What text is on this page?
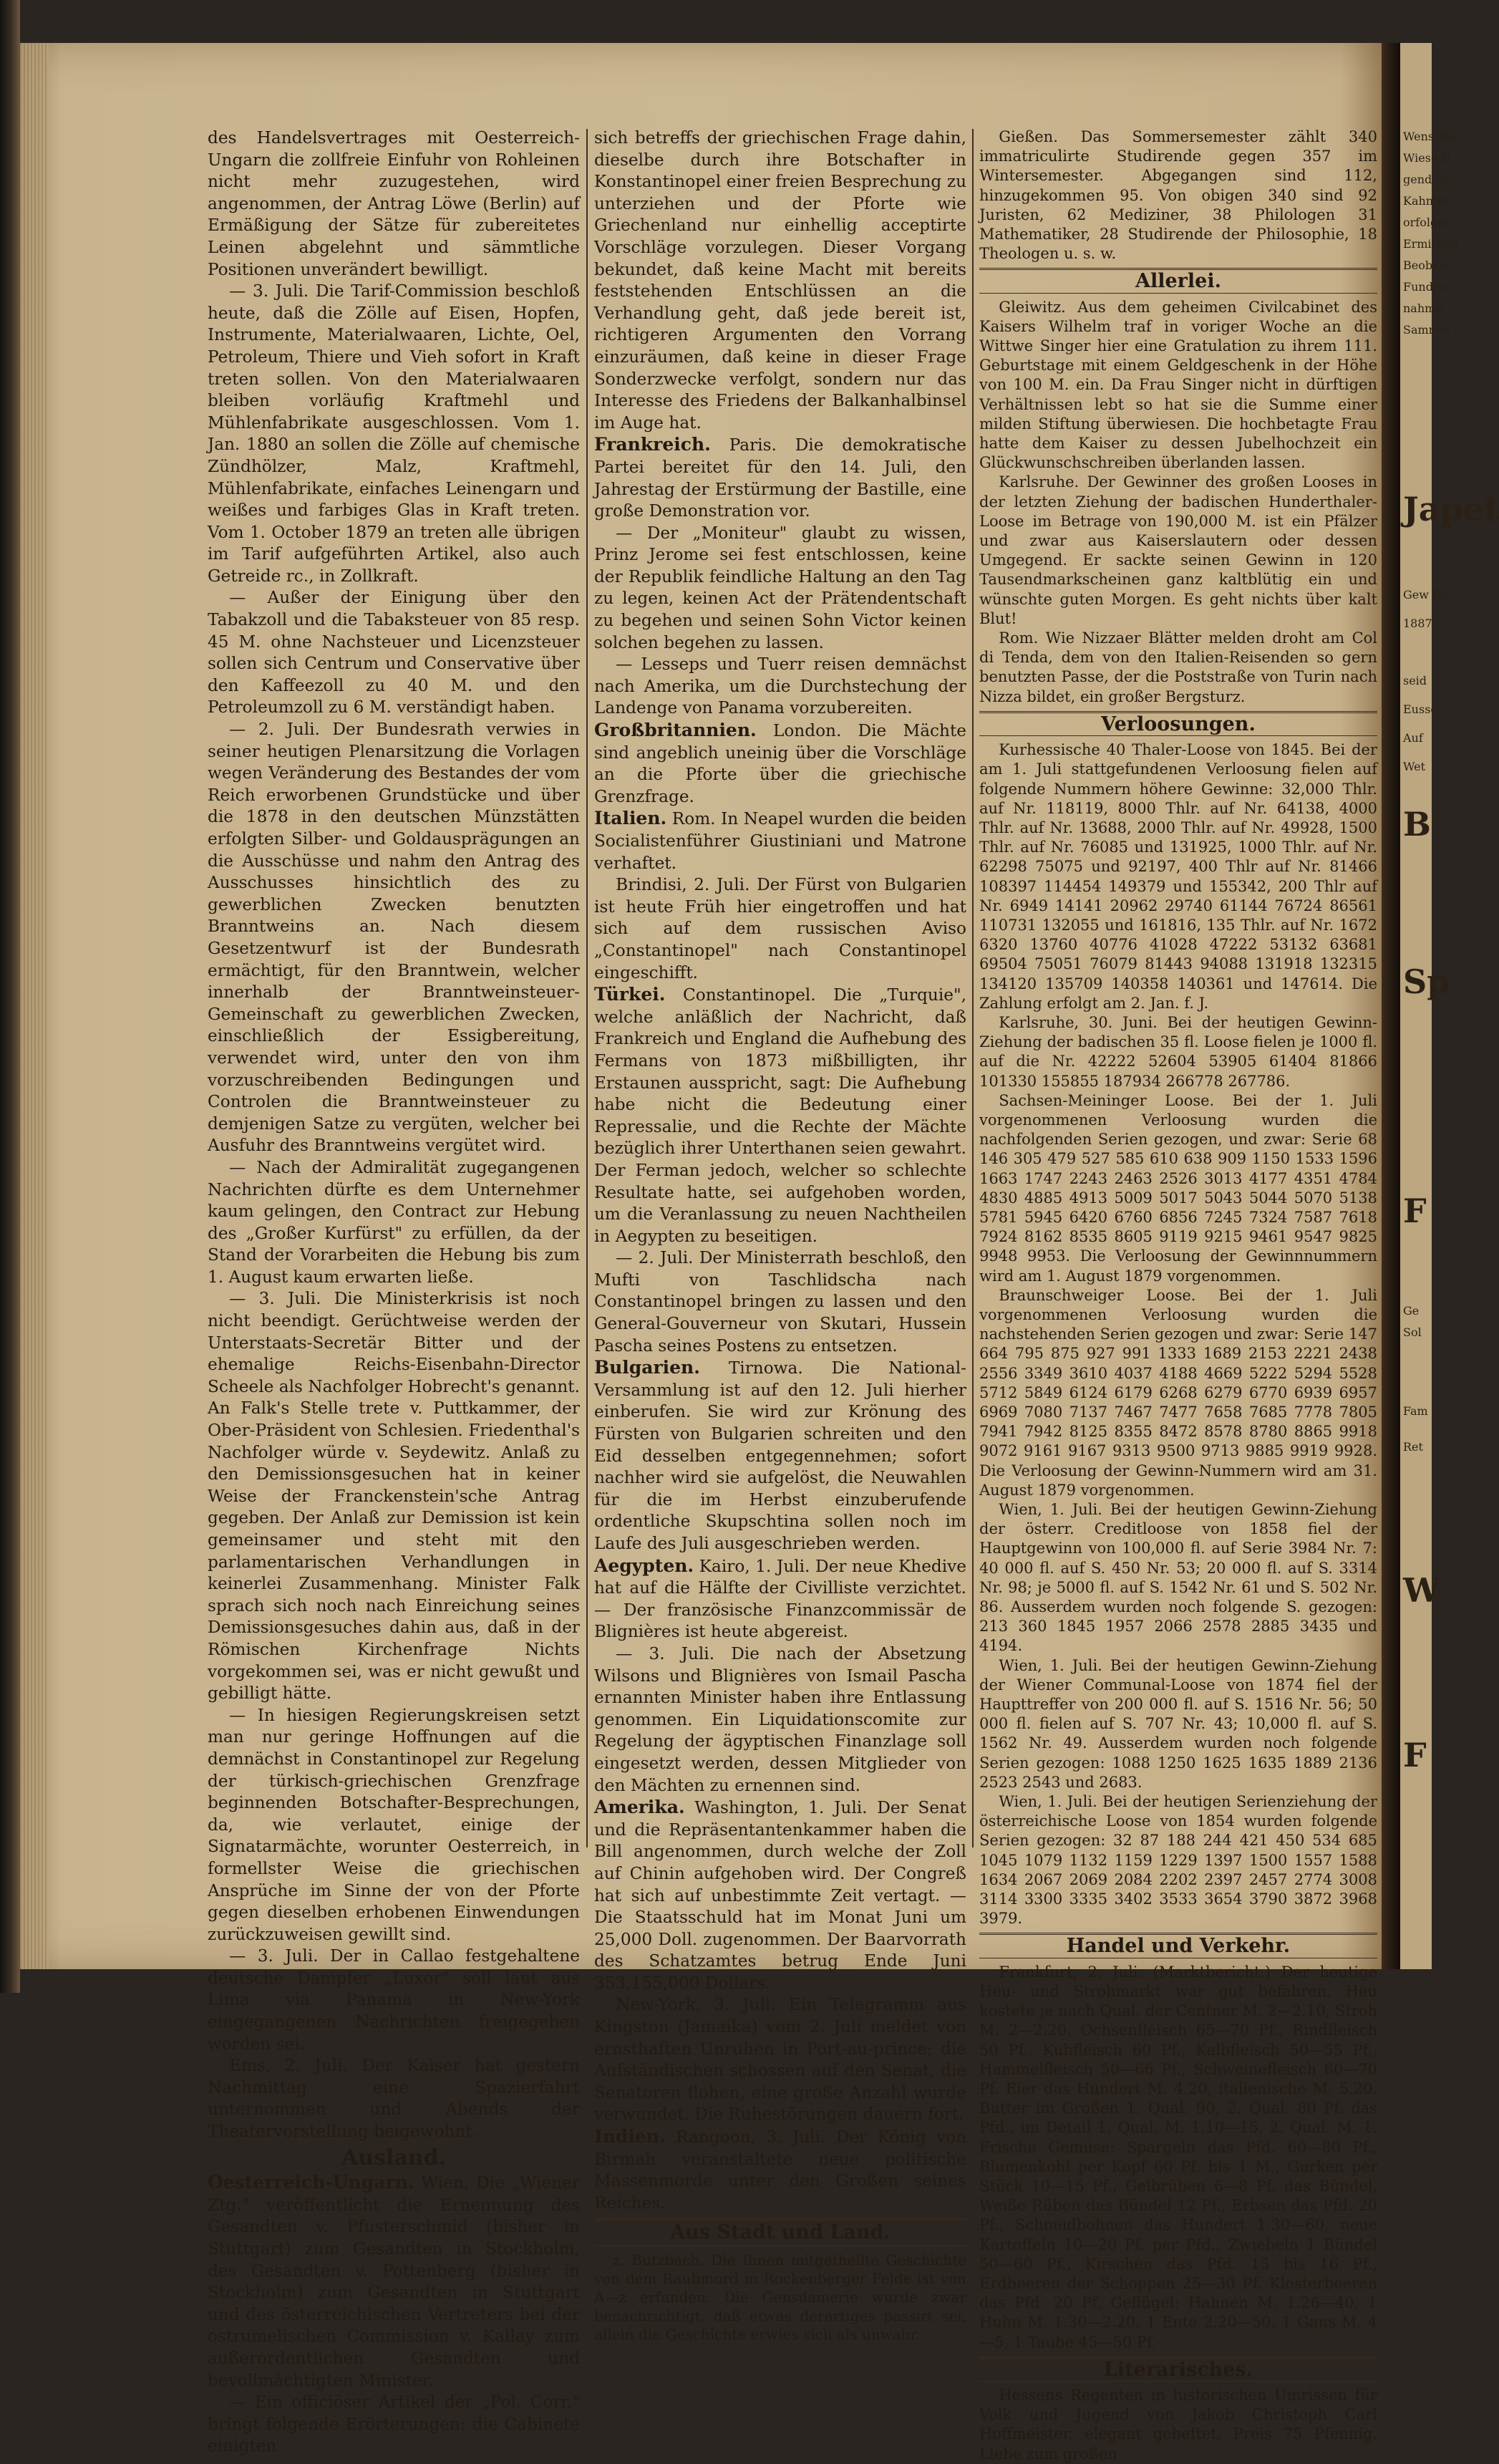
des Handelsvertrages mit Oesterreich-Ungarn die zollfreie Einfuhr von Rohleinen nicht mehr zuzugestehen, wird angenommen, der Antrag Löwe (Berlin) auf Ermäßigung der Sätze für zubereitetes Leinen abgelehnt und sämmtliche Positionen unverändert bewilligt.

— 3. Juli. Die Tarif-Commission beschloß heute, daß die Zölle auf Eisen, Hopfen, Instrumente, Materialwaaren, Lichte, Oel, Petroleum, Thiere und Vieh sofort in Kraft treten sollen. Von den Materialwaaren bleiben vorläufig Kraftmehl und Mühlenfabrikate ausgeschlossen. Vom 1. Jan. 1880 an sollen die Zölle auf chemische Zündhölzer, Malz, Kraftmehl, Mühlenfabrikate, einfaches Leinengarn und weißes und farbiges Glas in Kraft treten. Vom 1. October 1879 an treten alle übrigen im Tarif aufgeführten Artikel, also auch Getreide rc., in Zollkraft.

— Außer der Einigung über den Tabakzoll und die Tabaksteuer von 85 resp. 45 M. ohne Nachsteuer und Licenzsteuer sollen sich Centrum und Conservative über den Kaffeezoll zu 40 M. und den Petroleumzoll zu 6 M. verständigt haben.

— 2. Juli. Der Bundesrath verwies in seiner heutigen Plenarsitzung die Vorlagen wegen Veränderung des Bestandes der vom Reich erworbenen Grundstücke und über die 1878 in den deutschen Münzstätten erfolgten Silber- und Goldausprägungen an die Ausschüsse und nahm den Antrag des Ausschusses hinsichtlich des zu gewerblichen Zwecken benutzten Branntweins an. Nach diesem Gesetzentwurf ist der Bundesrath ermächtigt, für den Branntwein, welcher innerhalb der Branntweinsteuer-Gemeinschaft zu gewerblichen Zwecken, einschließlich der Essigbereitung, verwendet wird, unter den von ihm vorzuschreibenden Bedingungen und Controlen die Branntweinsteuer zu demjenigen Satze zu vergüten, welcher bei Ausfuhr des Branntweins vergütet wird.

— Nach der Admiralität zugegangenen Nachrichten dürfte es dem Unternehmer kaum gelingen, den Contract zur Hebung des „Großer Kurfürst" zu erfüllen, da der Stand der Vorarbeiten die Hebung bis zum 1. August kaum erwarten ließe.

— 3. Juli. Die Ministerkrisis ist noch nicht beendigt. Gerüchtweise werden der Unterstaats-Secretär Bitter und der ehemalige Reichs-Eisenbahn-Director Scheele als Nachfolger Hobrecht's genannt. An Falk's Stelle trete v. Puttkammer, der Ober-Präsident von Schlesien. Friedenthal's Nachfolger würde v. Seydewitz. Anlaß zu den Demissionsgesuchen hat in keiner Weise der Franckenstein'sche Antrag gegeben. Der Anlaß zur Demission ist kein gemeinsamer und steht mit den parlamentarischen Verhandlungen in keinerlei Zusammenhang. Minister Falk sprach sich noch nach Einreichung seines Demissionsgesuches dahin aus, daß in der Römischen Kirchenfrage Nichts vorgekommen sei, was er nicht gewußt und gebilligt hätte.

— In hiesigen Regierungskreisen setzt man nur geringe Hoffnungen auf die demnächst in Constantinopel zur Regelung der türkisch-griechischen Grenzfrage beginnenden Botschafter-Besprechungen, da, wie verlautet, einige der Signatarmächte, worunter Oesterreich, in formellster Weise die griechischen Ansprüche im Sinne der von der Pforte gegen dieselben erhobenen Einwendungen zurückzuweisen gewillt sind.

— 3. Juli. Der in Callao festgehaltene deutsche Dampfer „Luxor" soll laut aus Lima via Panama in New-York eingegangenen Nachrichten freigegeben worden sei.

Ems, 2. Juli. Der Kaiser hat gestern Nachmittag eine Spazierfahrt unternommen und Abends der Theatervorstellung beigewohnt.

Ausland.

Oesterreich-Ungarn. Wien. Die „Wiener Ztg." veröffentlicht die Ernennung des Gesandten v. Pfusterschmid (bisher in Stuttgart) zum Gesandten in Stockholm, des Gesandten v. Pottenberg (bisher in Stockholm) zum Gesandten in Stuttgart und des österreichischen Vertreters bei der ostrumelischen Commission v. Kallay zum außerordentlichen Gesandten und bevollmächtigten Minister.

— Ein officiöser Artikel der „Pol. Corr." bringt folgende Erörterungen: die Cabinete einigten

sich betreffs der griechischen Frage dahin, dieselbe durch ihre Botschafter in Konstantinopel einer freien Besprechung zu unterziehen und der Pforte wie Griechenland nur einhellig acceptirte Vorschläge vorzulegen. Dieser Vorgang bekundet, daß keine Macht mit bereits feststehenden Entschlüssen an die Verhandlung geht, daß jede bereit ist, richtigeren Argumenten den Vorrang einzuräumen, daß keine in dieser Frage Sonderzwecke verfolgt, sondern nur das Interesse des Friedens der Balkanhalbinsel im Auge hat.

Frankreich. Paris. Die demokratische Partei bereitet für den 14. Juli, den Jahrestag der Erstürmung der Bastille, eine große Demonstration vor.

— Der „Moniteur" glaubt zu wissen, Prinz Jerome sei fest entschlossen, keine der Republik feindliche Haltung an den Tag zu legen, keinen Act der Prätendentschaft zu begehen und seinen Sohn Victor keinen solchen begehen zu lassen.

— Lesseps und Tuerr reisen demnächst nach Amerika, um die Durchstechung der Landenge von Panama vorzubereiten.

Großbritannien. London. Die Mächte sind angeblich uneinig über die Vorschläge an die Pforte über die griechische Grenzfrage.

Italien. Rom. In Neapel wurden die beiden Socialistenführer Giustiniani und Matrone verhaftet.

Brindisi, 2. Juli. Der Fürst von Bulgarien ist heute Früh hier eingetroffen und hat sich auf dem russischen Aviso „Constantinopel" nach Constantinopel eingeschifft.

Türkei. Constantinopel. Die „Turquie", welche anläßlich der Nachricht, daß Frankreich und England die Aufhebung des Fermans von 1873 mißbilligten, ihr Erstaunen ausspricht, sagt: Die Aufhebung habe nicht die Bedeutung einer Repressalie, und die Rechte der Mächte bezüglich ihrer Unterthanen seien gewahrt. Der Ferman jedoch, welcher so schlechte Resultate hatte, sei aufgehoben worden, um die Veranlassung zu neuen Nachtheilen in Aegypten zu beseitigen.

— 2. Juli. Der Ministerrath beschloß, den Mufti von Taschlidscha nach Constantinopel bringen zu lassen und den General-Gouverneur von Skutari, Hussein Pascha seines Postens zu entsetzen.

Bulgarien. Tirnowa. Die National-Versammlung ist auf den 12. Juli hierher einberufen. Sie wird zur Krönung des Fürsten von Bulgarien schreiten und den Eid desselben entgegennehmen; sofort nachher wird sie aufgelöst, die Neuwahlen für die im Herbst einzuberufende ordentliche Skupschtina sollen noch im Laufe des Juli ausgeschrieben werden.

Aegypten. Kairo, 1. Juli. Der neue Khedive hat auf die Hälfte der Civilliste verzichtet. — Der französische Finanzcommissär de Blignières ist heute abgereist.

— 3. Juli. Die nach der Absetzung Wilsons und Blignières von Ismail Pascha ernannten Minister haben ihre Entlassung genommen. Ein Liquidationscomite zur Regelung der ägyptischen Finanzlage soll eingesetzt werden, dessen Mitglieder von den Mächten zu ernennen sind.

Amerika. Washington, 1. Juli. Der Senat und die Repräsentantenkammer haben die Bill angenommen, durch welche der Zoll auf Chinin aufgehoben wird. Der Congreß hat sich auf unbestimmte Zeit vertagt. — Die Staatsschuld hat im Monat Juni um 25,000 Doll. zugenommen. Der Baarvorrath des Schatzamtes betrug Ende Juni 353,155,000 Dollars.

New-York, 3. Juli. Ein Telegramm aus Kingston (Jamaika) vom 2. Juli meldet von ernsthaften Unruhen in Port-au-prince; die Aufständischen schossen auf den Senat, die Senatoren flohen, eine große Anzahl wurde verwundet. Die Ruhestörungen dauern fort.

Indien. Rangoon, 3. Juli. Der König von Birmah veranstaltete neue politische Massenmorde unter den Großen seines Reiches.

Aus Stadt und Land.

z. Butzbach. Die Ihnen mitgetheilte Geschichte von dem Raubmord in Rockenberger Felde ist von A—z erfunden. Die Gensdamerie wurde zwar benachrichtigt, daß etwas derartiges passirt sei, allein die Geschichte erwies sich als unwahr.

Gießen. Das Sommersemester zählt 340 immatriculirte Studirende gegen 357 im Wintersemester. Abgegangen sind 112, hinzugekommen 95. Von obigen 340 sind 92 Juristen, 62 Mediziner, 38 Philologen 31 Mathematiker, 28 Studirende der Philosophie, 18 Theologen u. s. w.

Allerlei.

Gleiwitz. Aus dem geheimen Civilcabinet des Kaisers Wilhelm traf in voriger Woche an die Wittwe Singer hier eine Gratulation zu ihrem 111. Geburtstage mit einem Geldgeschenk in der Höhe von 100 M. ein. Da Frau Singer nicht in dürftigen Verhältnissen lebt so hat sie die Summe einer milden Stiftung überwiesen. Die hochbetagte Frau hatte dem Kaiser zu dessen Jubelhochzeit ein Glückwunschschreiben überlanden lassen.

Karlsruhe. Der Gewinner des großen Looses in der letzten Ziehung der badischen Hunderthaler-Loose im Betrage von 190,000 M. ist ein Pfälzer und zwar aus Kaiserslautern oder dessen Umgegend. Er sackte seinen Gewinn in 120 Tausendmarkscheinen ganz kaltblütig ein und wünschte guten Morgen. Es geht nichts über kalt Blut!

Rom. Wie Nizzaer Blätter melden droht am Col di Tenda, dem von den Italien-Reisenden so gern benutzten Passe, der die Poststraße von Turin nach Nizza bildet, ein großer Bergsturz.

Verloosungen.

Kurhessische 40 Thaler-Loose von 1845. Bei der am 1. Juli stattgefundenen Verloosung fielen auf folgende Nummern höhere Gewinne: 32,000 Thlr. auf Nr. 118119, 8000 Thlr. auf Nr. 64138, 4000 Thlr. auf Nr. 13688, 2000 Thlr. auf Nr. 49928, 1500 Thlr. auf Nr. 76085 und 131925, 1000 Thlr. auf Nr. 62298 75075 und 92197, 400 Thlr auf Nr. 81466 108397 114454 149379 und 155342, 200 Thlr auf Nr. 6949 14141 20962 29740 61144 76724 86561 110731 132055 und 161816, 135 Thlr. auf Nr. 1672 6320 13760 40776 41028 47222 53132 63681 69504 75051 76079 81443 94088 131918 132315 134120 135709 140358 140361 und 147614. Die Zahlung erfolgt am 2. Jan. f. J.

Karlsruhe, 30. Juni. Bei der heutigen Gewinn-Ziehung der badischen 35 fl. Loose fielen je 1000 fl. auf die Nr. 42222 52604 53905 61404 81866 101330 155855 187934 266778 267786.

Sachsen-Meininger Loose. Bei der 1. Juli vorgenommenen Verloosung wurden die nachfolgenden Serien gezogen, und zwar: Serie 68 146 305 479 527 585 610 638 909 1150 1533 1596 1663 1747 2243 2463 2526 3013 4177 4351 4784 4830 4885 4913 5009 5017 5043 5044 5070 5138 5781 5945 6420 6760 6856 7245 7324 7587 7618 7924 8162 8535 8605 9119 9215 9461 9547 9825 9948 9953. Die Verloosung der Gewinnnummern wird am 1. August 1879 vorgenommen.

Braunschweiger Loose. Bei der 1. Juli vorgenommenen Verloosung wurden die nachstehenden Serien gezogen und zwar: Serie 147 664 795 875 927 991 1333 1689 2153 2221 2438 2556 3349 3610 4037 4188 4669 5222 5294 5528 5712 5849 6124 6179 6268 6279 6770 6939 6957 6969 7080 7137 7467 7477 7658 7685 7778 7805 7941 7942 8125 8355 8472 8578 8780 8865 9918 9072 9161 9167 9313 9500 9713 9885 9919 9928. Die Verloosung der Gewinn-Nummern wird am 31. August 1879 vorgenommen.

Wien, 1. Juli. Bei der heutigen Gewinn-Ziehung der österr. Creditloose von 1858 fiel der Hauptgewinn von 100,000 fl. auf Serie 3984 Nr. 7: 40 000 fl. auf S. 450 Nr. 53; 20 000 fl. auf S. 3314 Nr. 98; je 5000 fl. auf S. 1542 Nr. 61 und S. 502 Nr. 86. Ausserdem wurden noch folgende S. gezogen: 213 360 1845 1957 2066 2578 2885 3435 und 4194.

Wien, 1. Juli. Bei der heutigen Gewinn-Ziehung der Wiener Communal-Loose von 1874 fiel der Haupttreffer von 200 000 fl. auf S. 1516 Nr. 56; 50 000 fl. fielen auf S. 707 Nr. 43; 10,000 fl. auf S. 1562 Nr. 49. Ausserdem wurden noch folgende Serien gezogen: 1088 1250 1625 1635 1889 2136 2523 2543 und 2683.

Wien, 1. Juli. Bei der heutigen Serienziehung der österreichische Loose von 1854 wurden folgende Serien gezogen: 32 87 188 244 421 450 534 685 1045 1079 1132 1159 1229 1397 1500 1557 1588 1634 2067 2069 2084 2202 2397 2457 2774 3008 3114 3300 3335 3402 3533 3654 3790 3872 3968 3979.

Handel und Verkehr.

Frankfurt, 2. Juli. (Marktbericht.) Der heutige Heu- und Strohmarkt war gut befahren. Heu kostete je nach Qual. der Centner M. 2—2.10, Stroh M. 2—2.20. Ochsenfleisch 65—70 Pf., Rindfleisch 50 Pf., Kuhfleisch 60 Pf., Kalbfleisch 50—55 Pf., Hammelfleisch 50—66 Pf., Schweinefleisch 60—70 Pf. Eier das Hundert M. 4.20, italienische M. 5.20. Butter im Großen 1. Qual. 90, 2. Qual. 80 Pf. das Pfd., im Detail 1. Qual. M. 1.10—15, 2. Qual. M. 1. Frische Gemüse: Spargeln das Pfd. 60—80 Pf., Blumenkohl per Kopf 60 Pf. bis 1 M., Gurken per Stück 10—15 Pf., Gelbrüben 6—8 Pf. das Bündel, Weiße Rüben das Bündel 12 Pf., Erbsen das Pfd. 20 Pf., Schneidbohnen das Hundert 1.30—60, neue Kartoffeln 10—20 Pf. per Pfd., Zwiebeln 1 Bündel 50—60 Pf., Kirschen das Pfd. 15 bis 16 Pf., Erdbeeren der Schoppen 25—30 Pf. Klosterbeeren das Pfd. 20 Pf. Geflügel: Hahnen M. 1.26—40, 1 Huhn M. 1.30—2.20, 1 Ente 2.20—50, 1 Gans M. 4—5, 1 Taube 45—50 Pf.

Literarisches.

Hessens Regenten in historischen Umrissen für Volk und Jugend von Jakob Christoph Carl Hoffmeister, elegant geheftet, Preis 75 Pfennig. Liebe zum großen

Wensche
Wiese D
gendom
Kahnfel
orfolgen
Ermittlun
Beoban
Fundes
nahme
Sammel
Japet
Gew Ei
1887
seid
Eusse
Auf
Wet
B
Sp
F
Ge
Sol
Fam
Ret
W
F
